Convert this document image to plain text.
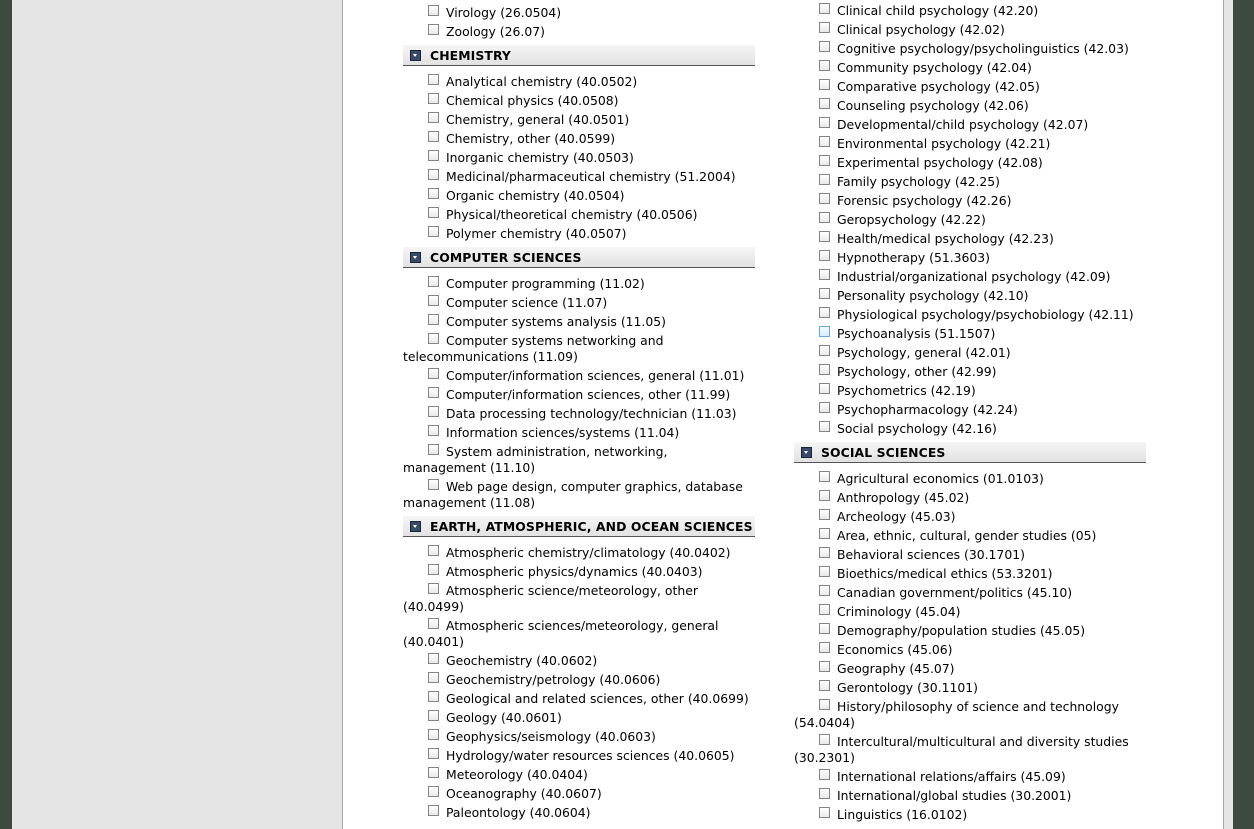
Virology (26.0504)
Zoology (26.07)
CHEMISTRY
Analytical chemistry (40.0502)
Chemical physics (40.0508)
Chemistry, general (40.0501)
Chemistry, other (40.0599)
Inorganic chemistry (40.0503)
Medicinal/pharmaceutical chemistry (51.2004)
Organic chemistry (40.0504)
Physical/theoretical chemistry (40.0506)
Polymer chemistry (40.0507)
COMPUTER SCIENCES
Computer programming (11.02)
Computer science (11.07)
Computer systems analysis (11.05)
Computer systems networking and telecommunications (11.09)
Computer/information sciences, general (11.01)
Computer/information sciences, other (11.99)
Data processing technology/technician (11.03)
Information sciences/systems (11.04)
System administration, networking, management (11.10)
Web page design, computer graphics, database management (11.08)
EARTH, ATMOSPHERIC, AND OCEAN SCIENCES
Atmospheric chemistry/climatology (40.0402)
Atmospheric physics/dynamics (40.0403)
Atmospheric science/meteorology, other (40.0499)
Atmospheric sciences/meteorology, general (40.0401)
Geochemistry (40.0602)
Geochemistry/petrology (40.0606)
Geological and related sciences, other (40.0699)
Geology (40.0601)
Geophysics/seismology (40.0603)
Hydrology/water resources sciences (40.0605)
Meteorology (40.0404)
Oceanography (40.0607)
Paleontology (40.0604)
Clinical child psychology (42.20)
Clinical psychology (42.02)
Cognitive psychology/psycholinguistics (42.03)
Community psychology (42.04)
Comparative psychology (42.05)
Counseling psychology (42.06)
Developmental/child psychology (42.07)
Environmental psychology (42.21)
Experimental psychology (42.08)
Family psychology (42.25)
Forensic psychology (42.26)
Geropsychology (42.22)
Health/medical psychology (42.23)
Hypnotherapy (51.3603)
Industrial/organizational psychology (42.09)
Personality psychology (42.10)
Physiological psychology/psychobiology (42.11)
Psychoanalysis (51.1507)
Psychology, general (42.01)
Psychology, other (42.99)
Psychometrics (42.19)
Psychopharmacology (42.24)
Social psychology (42.16)
SOCIAL SCIENCES
Agricultural economics (01.0103)
Anthropology (45.02)
Archeology (45.03)
Area, ethnic, cultural, gender studies (05)
Behavioral sciences (30.1701)
Bioethics/medical ethics (53.3201)
Canadian government/politics (45.10)
Criminology (45.04)
Demography/population studies (45.05)
Economics (45.06)
Geography (45.07)
Gerontology (30.1101)
History/philosophy of science and technology (54.0404)
Intercultural/multicultural and diversity studies (30.2301)
International relations/affairs (45.09)
International/global studies (30.2001)
Linguistics (16.0102)
